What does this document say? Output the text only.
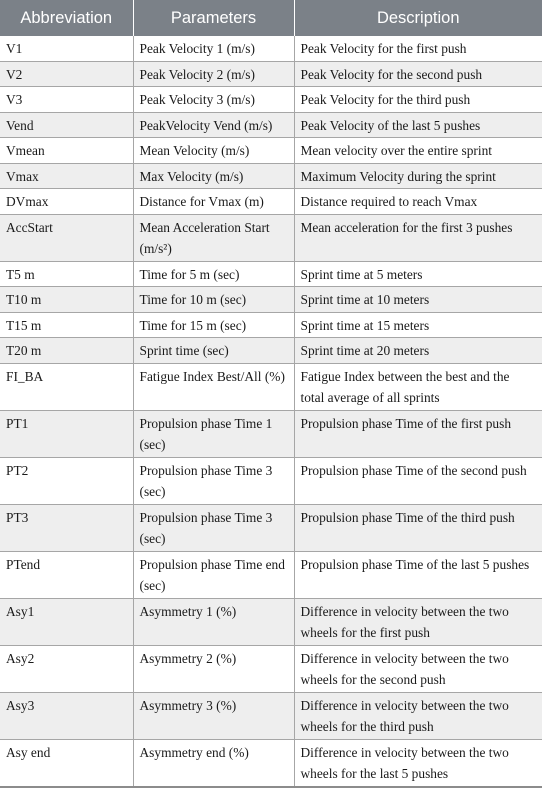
Abbreviation	Parameters	Description
V1	Peak Velocity 1 (m/s)	Peak Velocity for the first push
V2	Peak Velocity 2 (m/s)	Peak Velocity for the second push
V3	Peak Velocity 3 (m/s)	Peak Velocity for the third push
Vend	PeakVelocity Vend (m/s)	Peak Velocity of the last 5 pushes
Vmean	Mean Velocity (m/s)	Mean velocity over the entire sprint
Vmax	Max Velocity (m/s)	Maximum Velocity during the sprint
DVmax	Distance for Vmax (m)	Distance required to reach Vmax
AccStart	Mean Acceleration Start (m/s²)	Mean acceleration for the first 3 pushes
T5 m	Time for 5 m (sec)	Sprint time at 5 meters
T10 m	Time for 10 m (sec)	Sprint time at 10 meters
T15 m	Time for 15 m (sec)	Sprint time at 15 meters
T20 m	Sprint time (sec)	Sprint time at 20 meters
FI_BA	Fatigue Index Best/All (%)	Fatigue Index between the best and the total average of all sprints
PT1	Propulsion phase Time 1 (sec)	Propulsion phase Time of the first push
PT2	Propulsion phase Time 3 (sec)	Propulsion phase Time of the second push
PT3	Propulsion phase Time 3 (sec)	Propulsion phase Time of the third push
PTend	Propulsion phase Time end (sec)	Propulsion phase Time of the last 5 pushes
Asy1	Asymmetry 1 (%)	Difference in velocity between the two wheels for the first push
Asy2	Asymmetry 2 (%)	Difference in velocity between the two wheels for the second push
Asy3	Asymmetry 3 (%)	Difference in velocity between the two wheels for the third push
Asy end	Asymmetry end (%)	Difference in velocity between the two wheels for the last 5 pushes
